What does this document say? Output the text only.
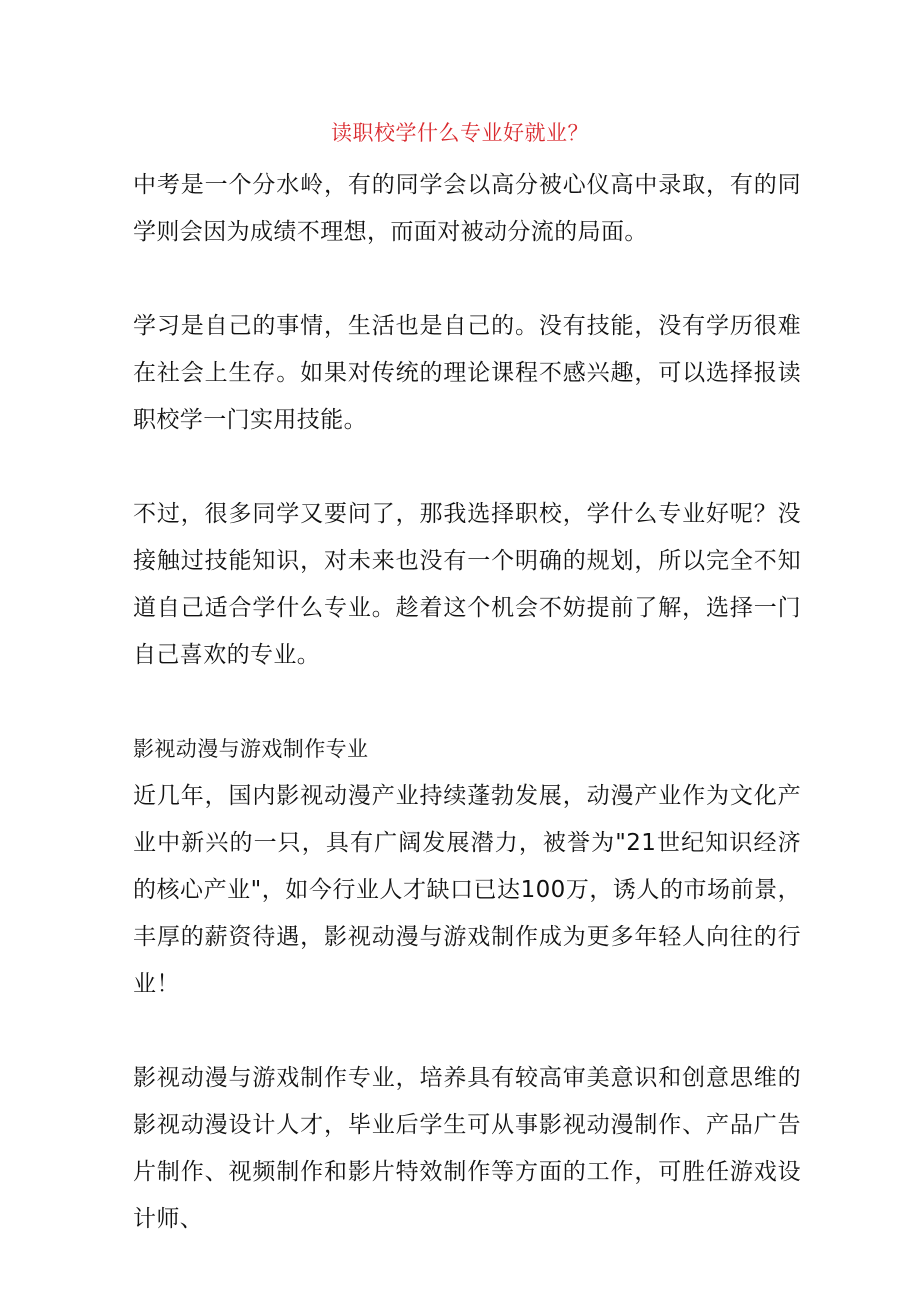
读职校学什么专业好就业？

中考是一个分水岭，有的同学会以高分被心仪高中录取，有的同学则会因为成绩不理想，而面对被动分流的局面。

学习是自己的事情，生活也是自己的。没有技能，没有学历很难在社会上生存。如果对传统的理论课程不感兴趣，可以选择报读职校学一门实用技能。

不过，很多同学又要问了，那我选择职校，学什么专业好呢？没接触过技能知识，对未来也没有一个明确的规划，所以完全不知道自己适合学什么专业。趁着这个机会不妨提前了解，选择一门自己喜欢的专业。

影视动漫与游戏制作专业

近几年，国内影视动漫产业持续蓬勃发展，动漫产业作为文化产业中新兴的一只，具有广阔发展潜力，被誉为"21世纪知识经济的核心产业"，如今行业人才缺口已达100万，诱人的市场前景，丰厚的薪资待遇，影视动漫与游戏制作成为更多年轻人向往的行业！

影视动漫与游戏制作专业，培养具有较高审美意识和创意思维的影视动漫设计人才，毕业后学生可从事影视动漫制作、产品广告片制作、视频制作和影片特效制作等方面的工作，可胜任游戏设计师、
